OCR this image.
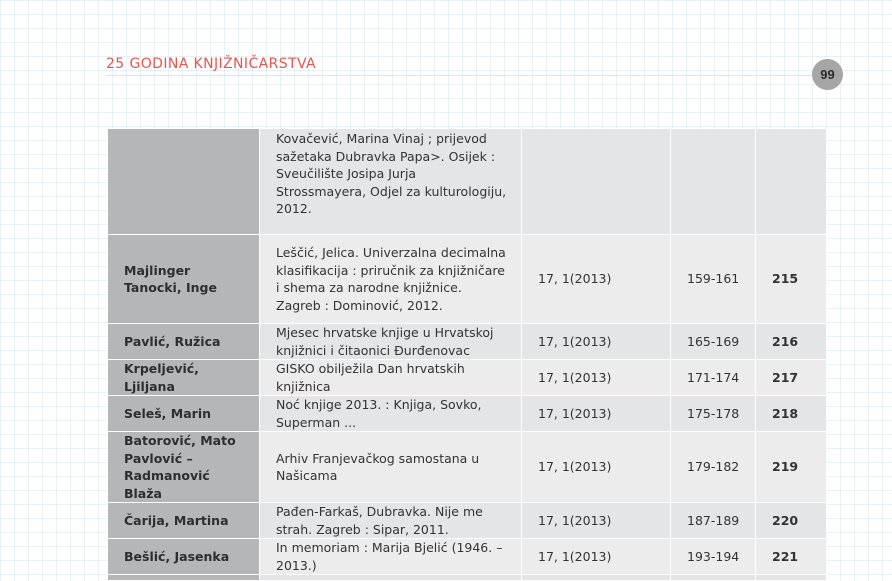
25 GODINA KNJIŽNIČARSTVA
99
	Kovačević, Marina Vinaj ; prijevod sažetaka Dubravka Papa>. Osijek : Sveučilište Josipa Jurja Strossmayera, Odjel za kulturologiju, 2012.			
Majlinger Tanocki, Inge	Leščić, Jelica. Univerzalna decimalna klasifikacija : priručnik za knjižničare i shema za narodne knjižnice. Zagreb : Dominović, 2012.	17, 1(2013)	159-161	215
Pavlić, Ružica	Mjesec hrvatske knjige u Hrvatskoj knjižnici i čitaonici Đurđenovac	17, 1(2013)	165-169	216
Krpeljević, Ljiljana	GISKO obilježila Dan hrvatskih knjižnica	17, 1(2013)	171-174	217
Seleš, Marin	Noć knjige 2013. : Knjiga, Sovko, Superman ...	17, 1(2013)	175-178	218
Batorović, Mato Pavlović – Radmanović Blaža	Arhiv Franjevačkog samostana u Našicama	17, 1(2013)	179-182	219
Čarija, Martina	Pađen-Farkaš, Dubravka. Nije me strah. Zagreb : Sipar, 2011.	17, 1(2013)	187-189	220
Bešlić, Jasenka	In memoriam : Marija Bjelić (1946. – 2013.)	17, 1(2013)	193-194	221
